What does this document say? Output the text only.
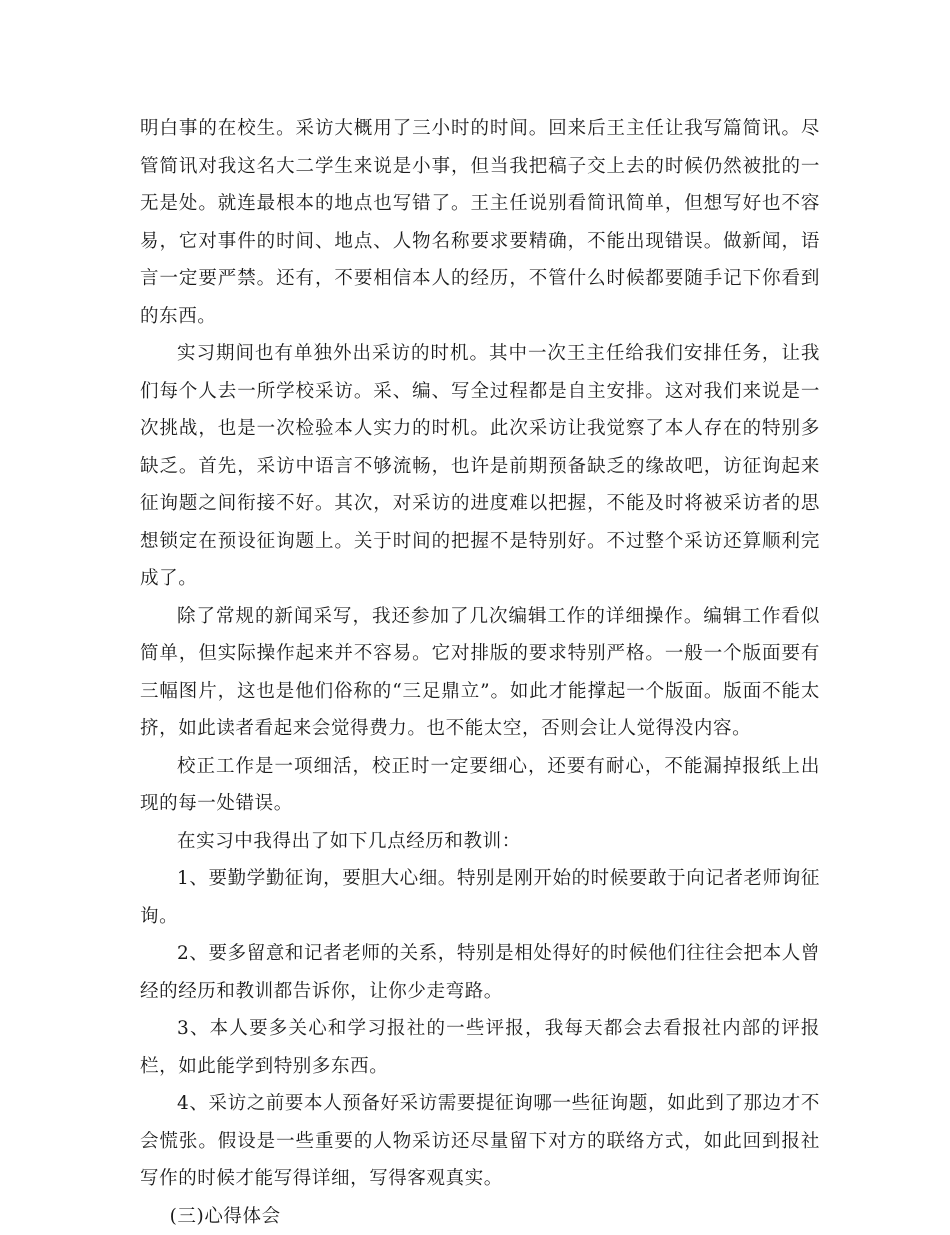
明白事的在校生。采访大概用了三小时的时间。回来后王主任让我写篇简讯。尽管简讯对我这名大二学生来说是小事，但当我把稿子交上去的时候仍然被批的一无是处。就连最根本的地点也写错了。王主任说别看简讯简单，但想写好也不容易，它对事件的时间、地点、人物名称要求要精确，不能出现错误。做新闻，语言一定要严禁。还有，不要相信本人的经历，不管什么时候都要随手记下你看到的东西。

实习期间也有单独外出采访的时机。其中一次王主任给我们安排任务，让我们每个人去一所学校采访。采、编、写全过程都是自主安排。这对我们来说是一次挑战，也是一次检验本人实力的时机。此次采访让我觉察了本人存在的特别多缺乏。首先，采访中语言不够流畅，也许是前期预备缺乏的缘故吧，访征询起来征询题之间衔接不好。其次，对采访的进度难以把握，不能及时将被采访者的思想锁定在预设征询题上。关于时间的把握不是特别好。不过整个采访还算顺利完成了。

除了常规的新闻采写，我还参加了几次编辑工作的详细操作。编辑工作看似简单，但实际操作起来并不容易。它对排版的要求特别严格。一般一个版面要有三幅图片，这也是他们俗称的“三足鼎立”。如此才能撑起一个版面。版面不能太挤，如此读者看起来会觉得费力。也不能太空，否则会让人觉得没内容。

校正工作是一项细活，校正时一定要细心，还要有耐心，不能漏掉报纸上出现的每一处错误。

在实习中我得出了如下几点经历和教训：

1、要勤学勤征询，要胆大心细。特别是刚开始的时候要敢于向记者老师询征询。

2、要多留意和记者老师的关系，特别是相处得好的时候他们往往会把本人曾经的经历和教训都告诉你，让你少走弯路。

3、本人要多关心和学习报社的一些评报，我每天都会去看报社内部的评报栏，如此能学到特别多东西。

4、采访之前要本人预备好采访需要提征询哪一些征询题，如此到了那边才不会慌张。假设是一些重要的人物采访还尽量留下对方的联络方式，如此回到报社写作的时候才能写得详细，写得客观真实。

(三)心得体会
